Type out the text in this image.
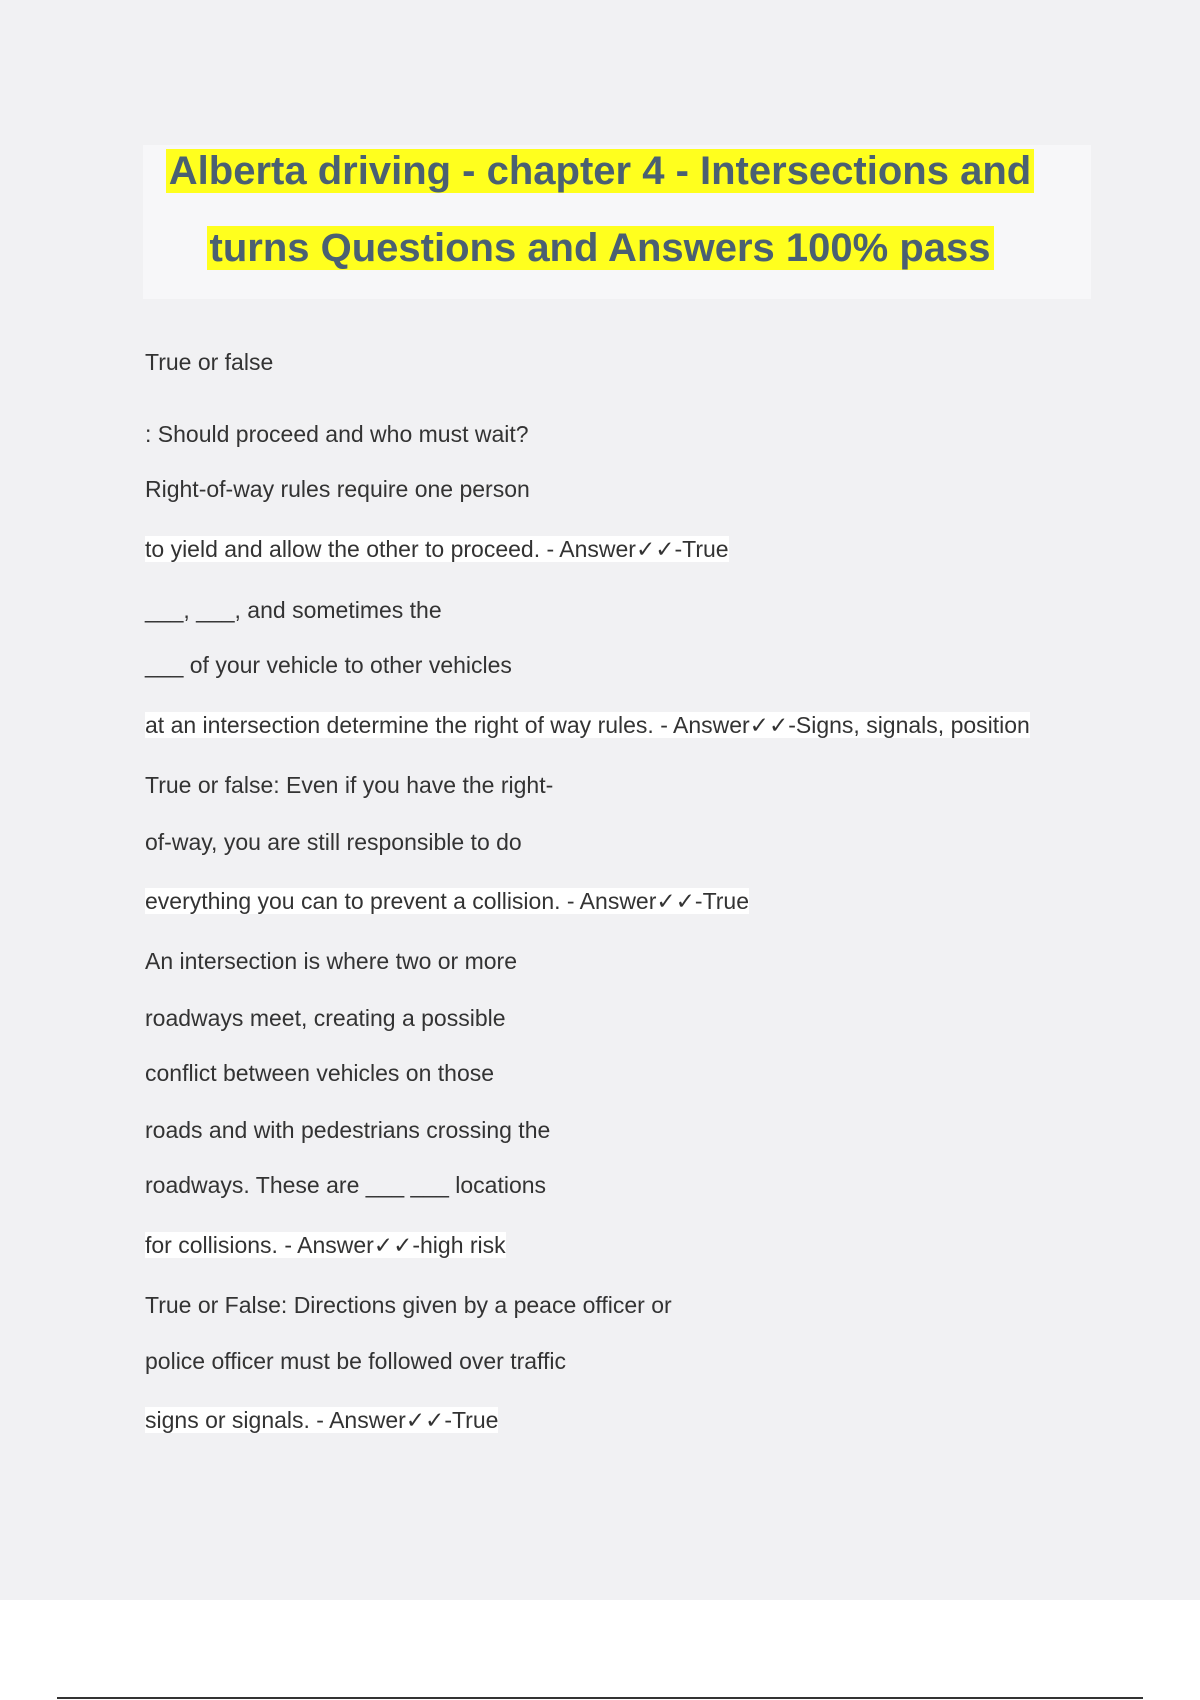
Alberta driving - chapter 4 - Intersections and
turns Questions and Answers 100% pass
True or false
: Should proceed and who must wait?
Right-of-way rules require one person
to yield and allow the other to proceed. - Answer✓✓-True
___, ___, and sometimes the
___ of your vehicle to other vehicles
at an intersection determine the right of way rules. - Answer✓✓-Signs, signals, position
True or false: Even if you have the right-
of-way, you are still responsible to do
everything you can to prevent a collision. - Answer✓✓-True
An intersection is where two or more
roadways meet, creating a possible
conflict between vehicles on those
roads and with pedestrians crossing the
roadways. These are ___ ___ locations
for collisions. - Answer✓✓-high risk
True or False: Directions given by a peace officer or
police officer must be followed over traffic
signs or signals. - Answer✓✓-True
